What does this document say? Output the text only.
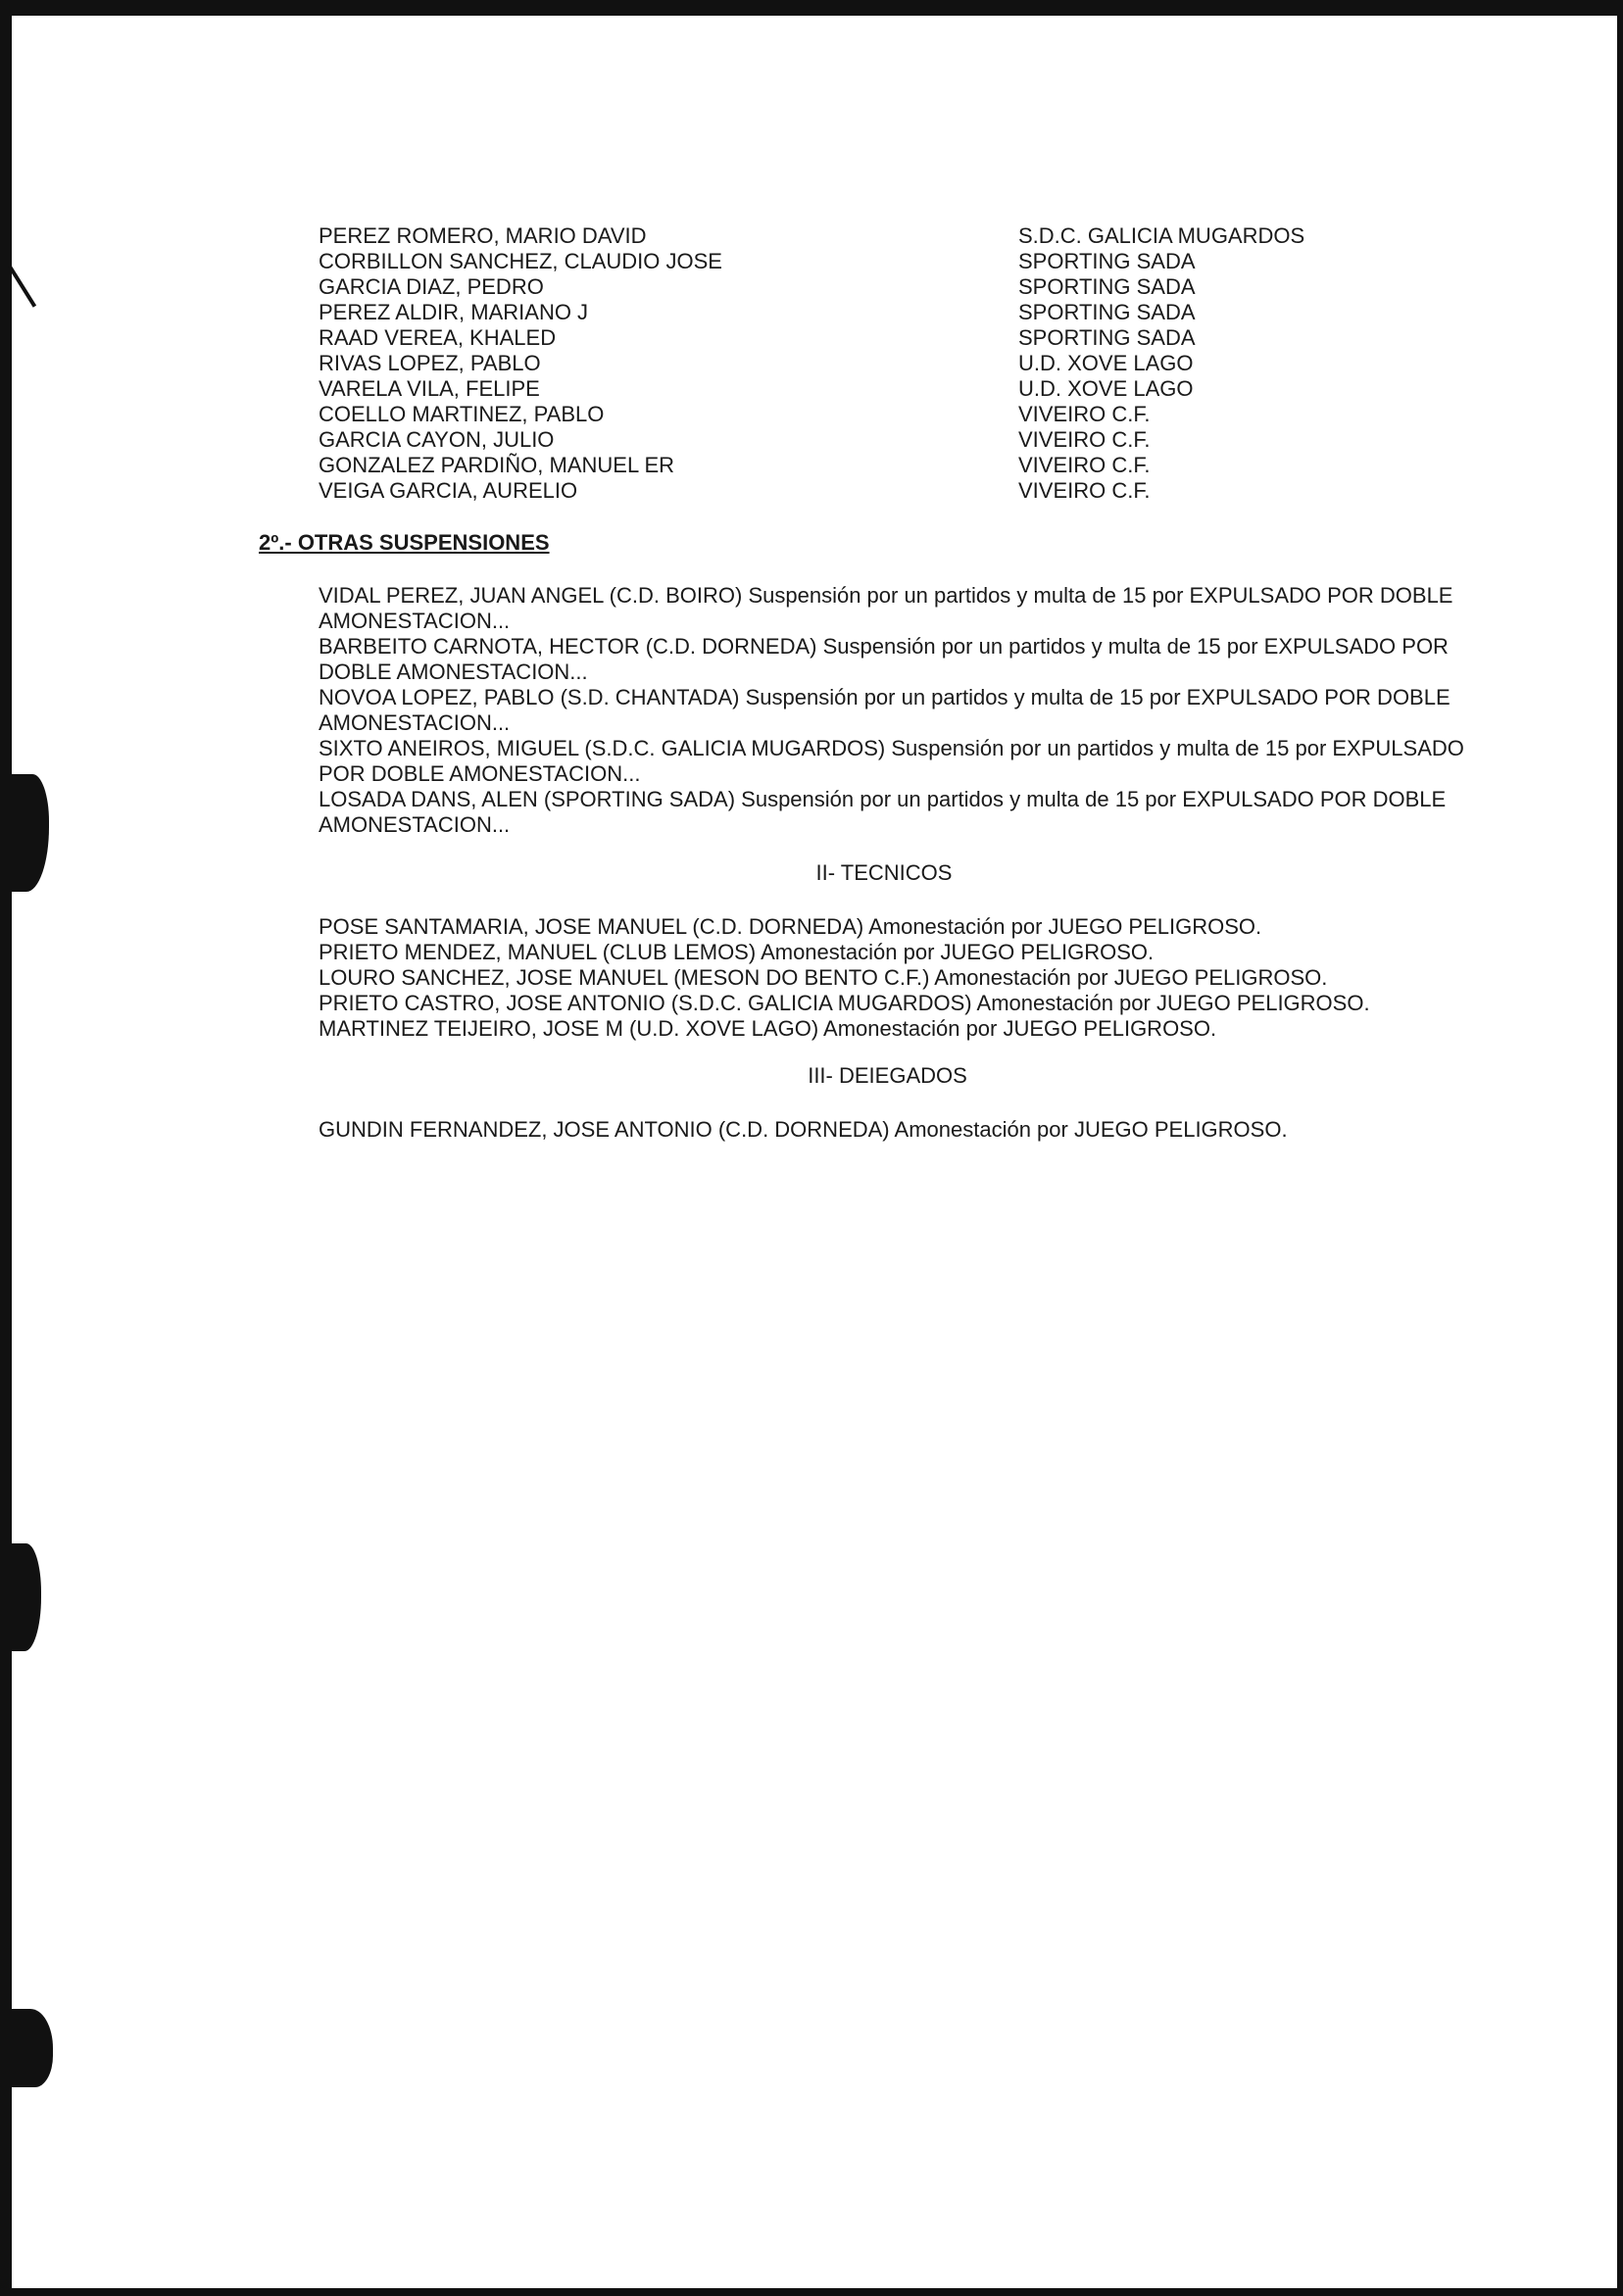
PEREZ ROMERO, MARIO DAVID	S.D.C. GALICIA MUGARDOS
CORBILLON SANCHEZ, CLAUDIO JOSE	SPORTING SADA
GARCIA DIAZ, PEDRO	SPORTING SADA
PEREZ ALDIR, MARIANO J	SPORTING SADA
RAAD VEREA, KHALED	SPORTING SADA
RIVAS LOPEZ, PABLO	U.D. XOVE LAGO
VARELA VILA, FELIPE	U.D. XOVE LAGO
COELLO MARTINEZ, PABLO	VIVEIRO C.F.
GARCIA CAYON, JULIO	VIVEIRO C.F.
GONZALEZ PARDIÑO, MANUEL ER	VIVEIRO C.F.
VEIGA GARCIA, AURELIO	VIVEIRO C.F.
2º.- OTRAS SUSPENSIONES

VIDAL PEREZ, JUAN ANGEL (C.D. BOIRO) Suspensión por un partidos y multa de 15 por EXPULSADO POR DOBLE AMONESTACION...

BARBEITO CARNOTA, HECTOR (C.D. DORNEDA) Suspensión por un partidos y multa de 15 por EXPULSADO POR DOBLE AMONESTACION...

NOVOA LOPEZ, PABLO (S.D. CHANTADA) Suspensión por un partidos y multa de 15 por EXPULSADO POR DOBLE AMONESTACION...

SIXTO ANEIROS, MIGUEL (S.D.C. GALICIA MUGARDOS) Suspensión por un partidos y multa de 15 por EXPULSADO POR DOBLE AMONESTACION...

LOSADA DANS, ALEN (SPORTING SADA) Suspensión por un partidos y multa de 15 por EXPULSADO POR DOBLE AMONESTACION...

II- TECNICOS
POSE SANTAMARIA, JOSE MANUEL (C.D. DORNEDA) Amonestación por JUEGO PELIGROSO.
PRIETO MENDEZ, MANUEL (CLUB LEMOS) Amonestación por JUEGO PELIGROSO.
LOURO SANCHEZ, JOSE MANUEL (MESON DO BENTO C.F.) Amonestación por JUEGO PELIGROSO.
PRIETO CASTRO, JOSE ANTONIO (S.D.C. GALICIA MUGARDOS) Amonestación por JUEGO PELIGROSO.
MARTINEZ TEIJEIRO, JOSE M (U.D. XOVE LAGO) Amonestación por JUEGO PELIGROSO.
III- DEIEGADOS
GUNDIN FERNANDEZ, JOSE ANTONIO (C.D. DORNEDA) Amonestación por JUEGO PELIGROSO.
